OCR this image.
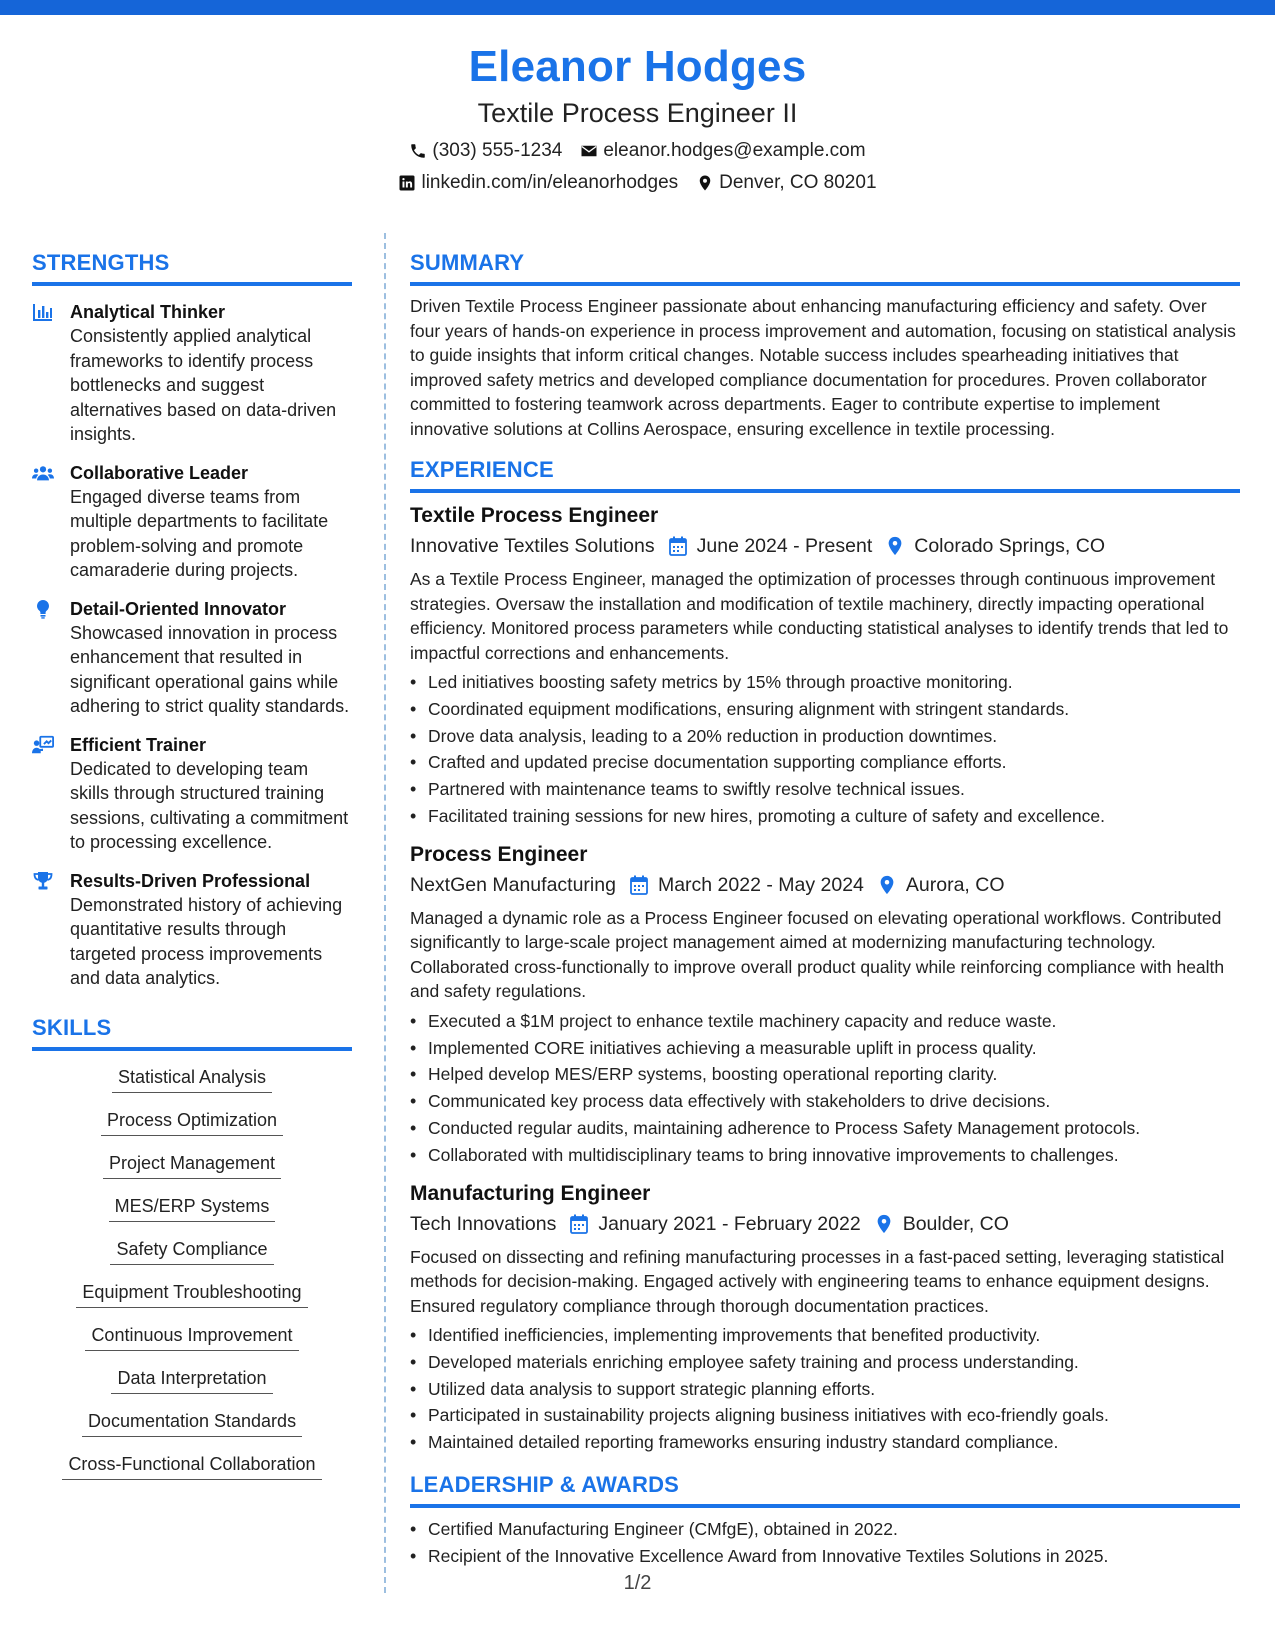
Eleanor Hodges
Textile Process Engineer II
(303) 555-1234 eleanor.hodges@example.com
linkedin.com/in/eleanorhodges Denver, CO 80201
STRENGTHS
Analytical Thinker
Consistently applied analytical frameworks to identify process bottlenecks and suggest alternatives based on data-driven insights.
Collaborative Leader
Engaged diverse teams from multiple departments to facilitate problem-solving and promote camaraderie during projects.
Detail-Oriented Innovator
Showcased innovation in process enhancement that resulted in significant operational gains while adhering to strict quality standards.
Efficient Trainer
Dedicated to developing team skills through structured training sessions, cultivating a commitment to processing excellence.
Results-Driven Professional
Demonstrated history of achieving quantitative results through targeted process improvements and data analytics.
SKILLS
Statistical Analysis
Process Optimization
Project Management
MES/ERP Systems
Safety Compliance
Equipment Troubleshooting
Continuous Improvement
Data Interpretation
Documentation Standards
Cross-Functional Collaboration
SUMMARY
Driven Textile Process Engineer passionate about enhancing manufacturing efficiency and safety. Over four years of hands-on experience in process improvement and automation, focusing on statistical analysis to guide insights that inform critical changes. Notable success includes spearheading initiatives that improved safety metrics and developed compliance documentation for procedures. Proven collaborator committed to fostering teamwork across departments. Eager to contribute expertise to implement innovative solutions at Collins Aerospace, ensuring excellence in textile processing.
EXPERIENCE
Textile Process Engineer
Innovative Textiles Solutions June 2024 - Present Colorado Springs, CO
As a Textile Process Engineer, managed the optimization of processes through continuous improvement strategies. Oversaw the installation and modification of textile machinery, directly impacting operational efficiency. Monitored process parameters while conducting statistical analyses to identify trends that led to impactful corrections and enhancements.
• Led initiatives boosting safety metrics by 15% through proactive monitoring.
• Coordinated equipment modifications, ensuring alignment with stringent standards.
• Drove data analysis, leading to a 20% reduction in production downtimes.
• Crafted and updated precise documentation supporting compliance efforts.
• Partnered with maintenance teams to swiftly resolve technical issues.
• Facilitated training sessions for new hires, promoting a culture of safety and excellence.
Process Engineer
NextGen Manufacturing March 2022 - May 2024 Aurora, CO
Managed a dynamic role as a Process Engineer focused on elevating operational workflows. Contributed significantly to large-scale project management aimed at modernizing manufacturing technology. Collaborated cross-functionally to improve overall product quality while reinforcing compliance with health and safety regulations.
• Executed a $1M project to enhance textile machinery capacity and reduce waste.
• Implemented CORE initiatives achieving a measurable uplift in process quality.
• Helped develop MES/ERP systems, boosting operational reporting clarity.
• Communicated key process data effectively with stakeholders to drive decisions.
• Conducted regular audits, maintaining adherence to Process Safety Management protocols.
• Collaborated with multidisciplinary teams to bring innovative improvements to challenges.
Manufacturing Engineer
Tech Innovations January 2021 - February 2022 Boulder, CO
Focused on dissecting and refining manufacturing processes in a fast-paced setting, leveraging statistical methods for decision-making. Engaged actively with engineering teams to enhance equipment designs. Ensured regulatory compliance through thorough documentation practices.
• Identified inefficiencies, implementing improvements that benefited productivity.
• Developed materials enriching employee safety training and process understanding.
• Utilized data analysis to support strategic planning efforts.
• Participated in sustainability projects aligning business initiatives with eco-friendly goals.
• Maintained detailed reporting frameworks ensuring industry standard compliance.
LEADERSHIP & AWARDS
• Certified Manufacturing Engineer (CMfgE), obtained in 2022.
• Recipient of the Innovative Excellence Award from Innovative Textiles Solutions in 2025.
1/2
